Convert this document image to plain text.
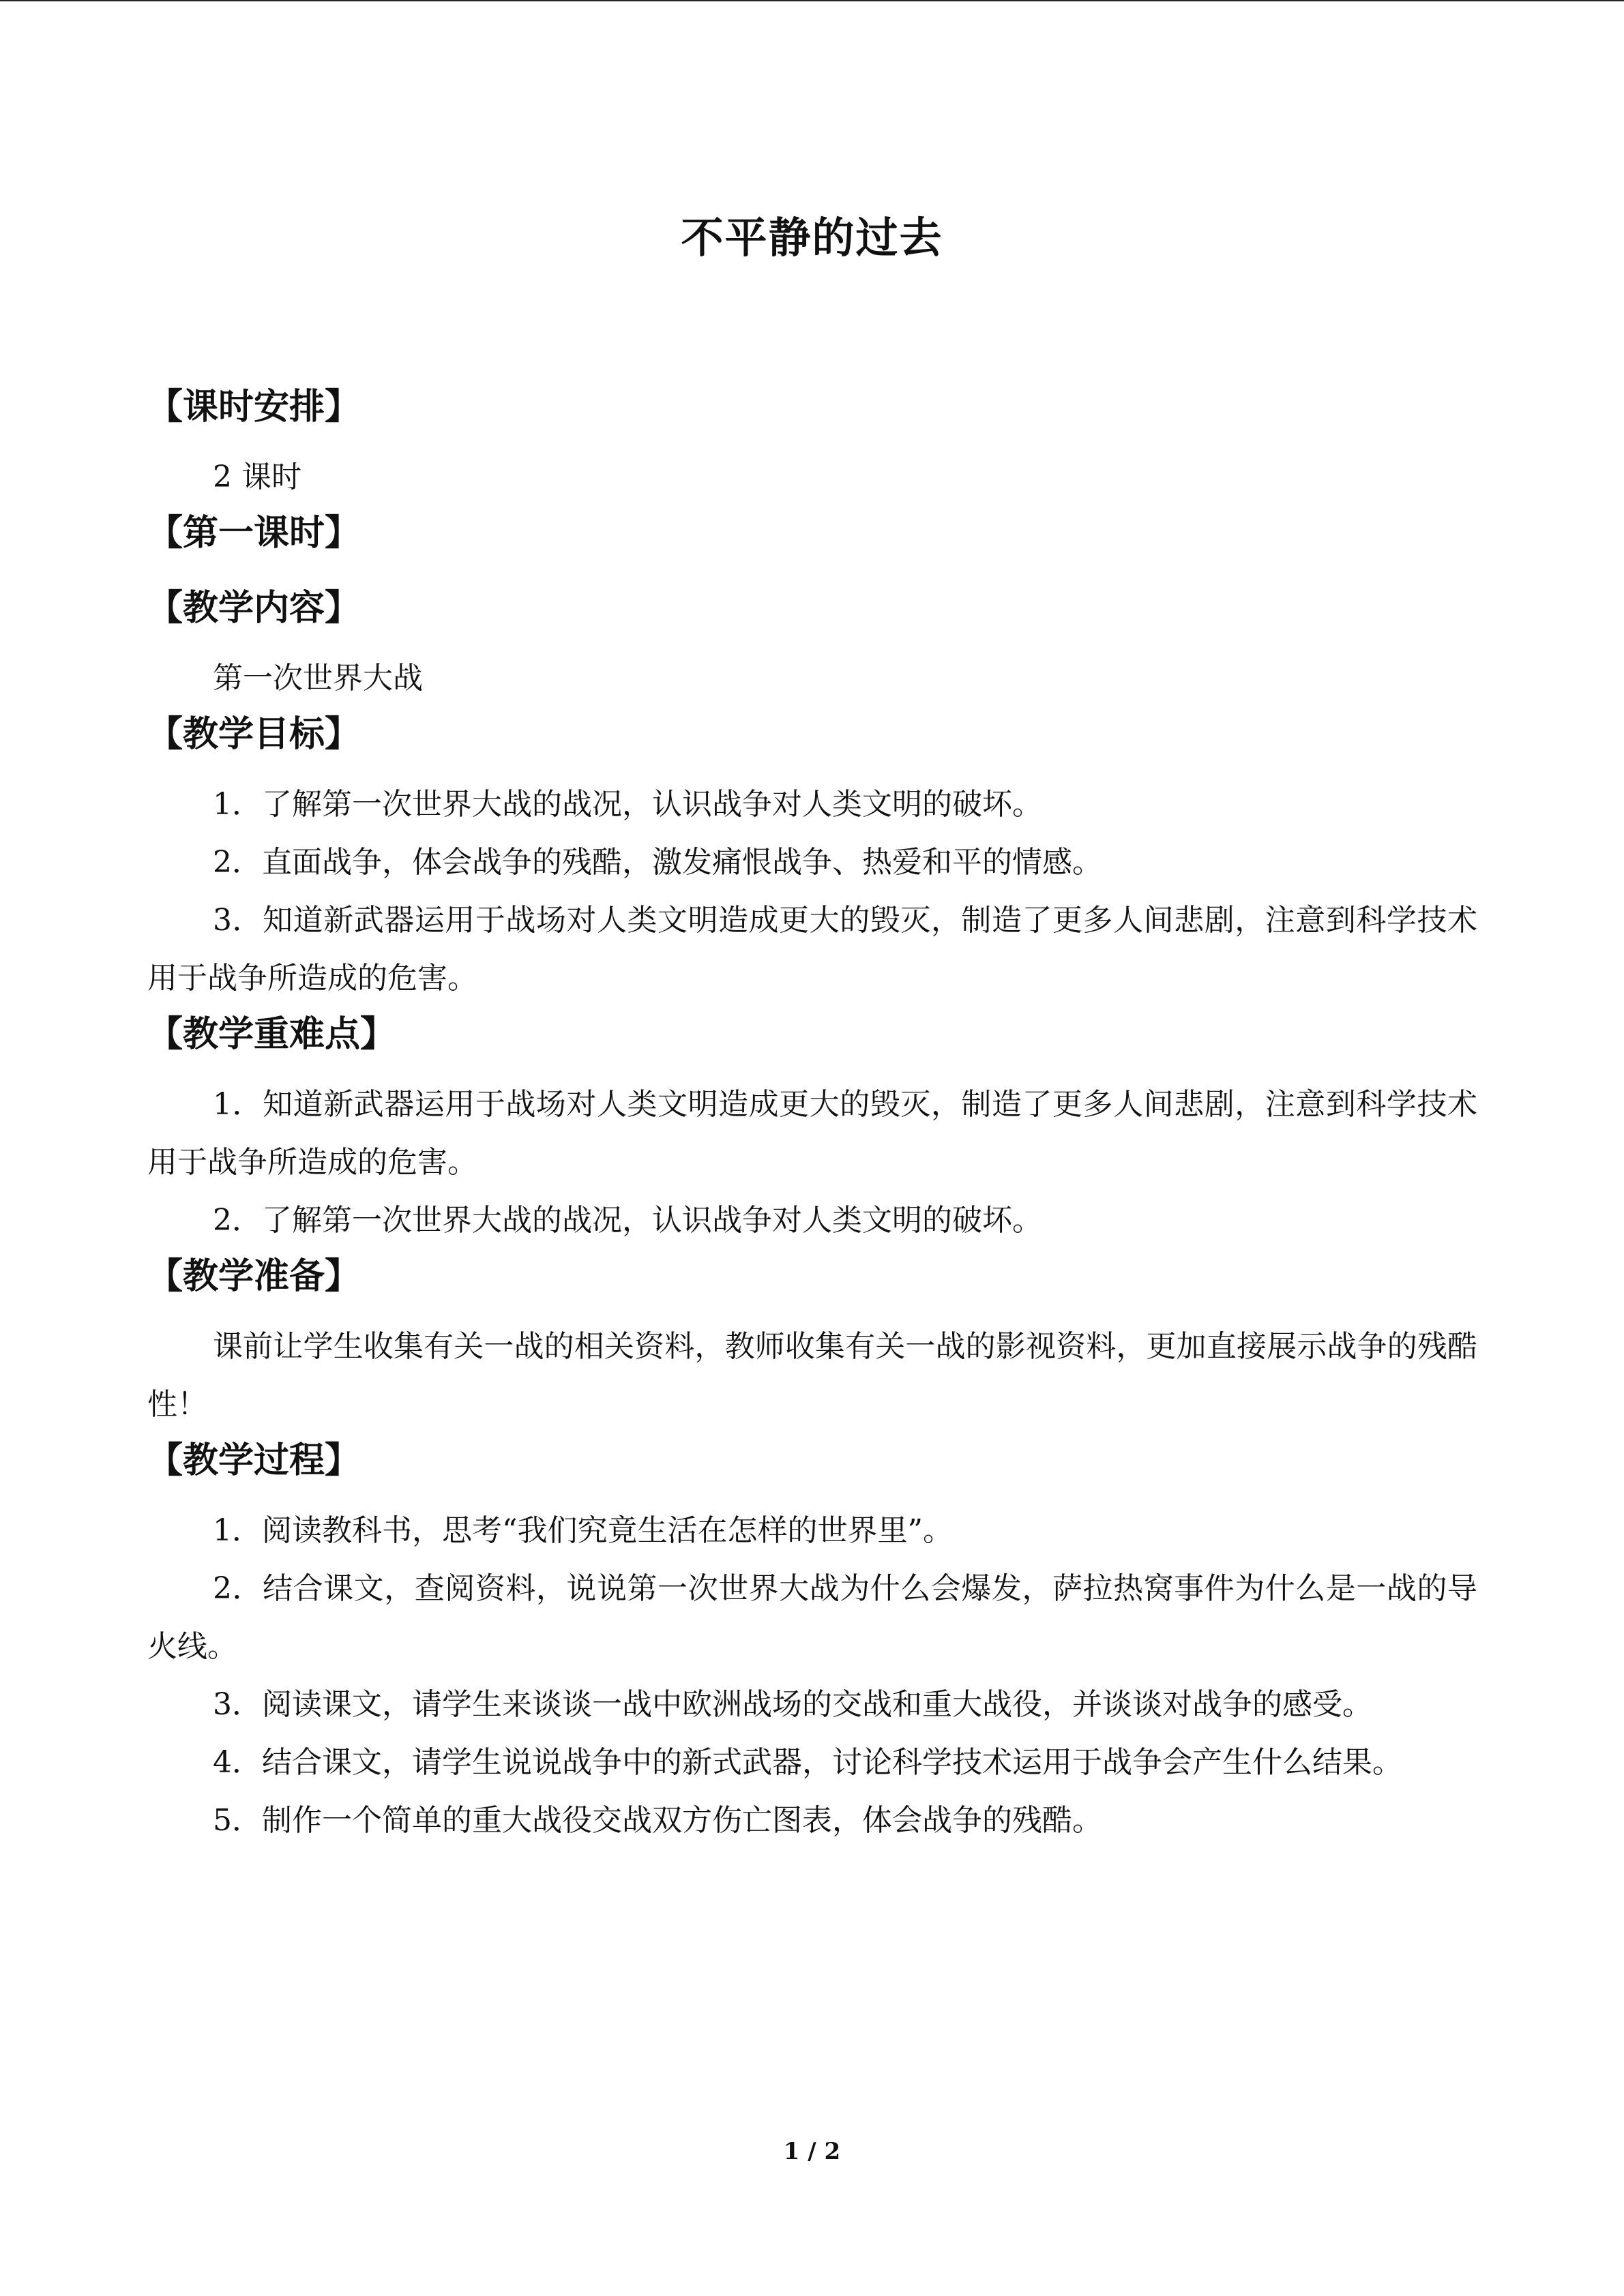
不平静的过去
【课时安排】

2 课时

【第一课时】
【教学内容】

第一次世界大战

【教学目标】

1．了解第一次世界大战的战况，认识战争对人类文明的破坏。

2．直面战争，体会战争的残酷，激发痛恨战争、热爱和平的情感。

3．知道新武器运用于战场对人类文明造成更大的毁灭，制造了更多人间悲剧，注意到科学技术用于战争所造成的危害。

【教学重难点】

1．知道新武器运用于战场对人类文明造成更大的毁灭，制造了更多人间悲剧，注意到科学技术用于战争所造成的危害。

2．了解第一次世界大战的战况，认识战争对人类文明的破坏。

【教学准备】

课前让学生收集有关一战的相关资料，教师收集有关一战的影视资料，更加直接展示战争的残酷性！

【教学过程】

1．阅读教科书，思考“我们究竟生活在怎样的世界里”。

2．结合课文，查阅资料，说说第一次世界大战为什么会爆发，萨拉热窝事件为什么是一战的导火线。

3．阅读课文，请学生来谈谈一战中欧洲战场的交战和重大战役，并谈谈对战争的感受。

4．结合课文，请学生说说战争中的新式武器，讨论科学技术运用于战争会产生什么结果。

5．制作一个简单的重大战役交战双方伤亡图表，体会战争的残酷。

1 / 2
